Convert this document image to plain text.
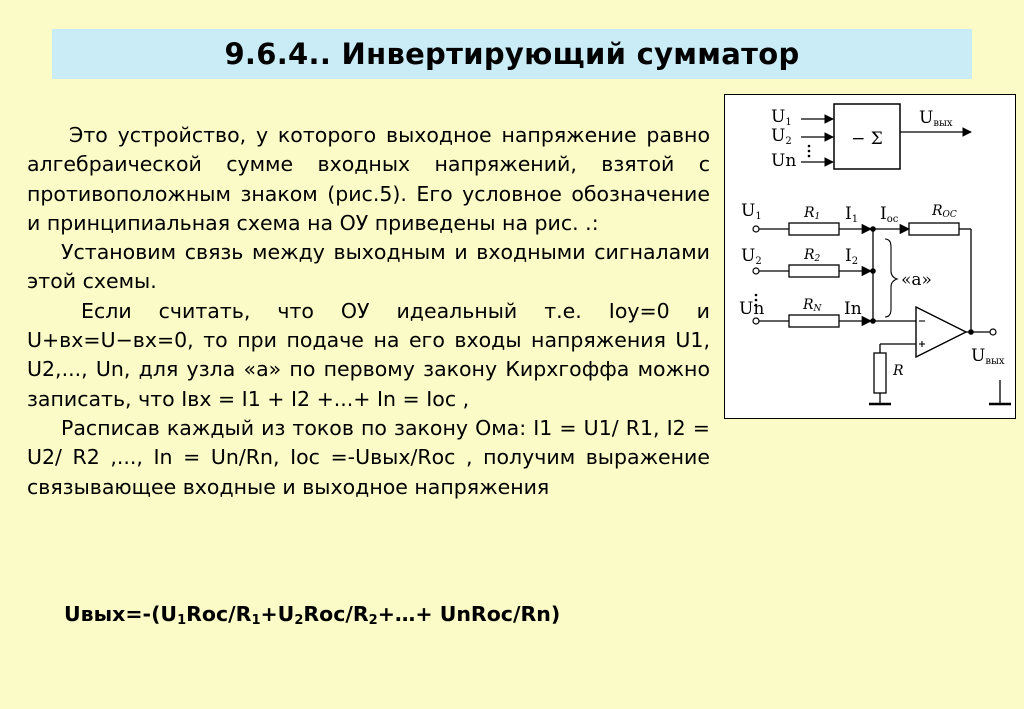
9.6.4.. Инвертирующий сумматор

Это устройство, у которого выходное напряжение равно алгебраической сумме входных напряжений, взятой с противоположным знаком (рис.5). Его условное обозначение и принципиальная схема на ОУ приведены на рис. .:

Установим связь между выходным и входными сигналами этой схемы.

Если считать, что ОУ идеальный т.е. Iоу=0 и U+вх=U−вх=0, то при подаче на его входы напряжения U1, U2,..., Un, для узла «а» по первому закону Кирхгоффа можно записать, что Iвх = I1 + I2 +...+ In = Iос ,

Расписав каждый из токов по закону Ома: I1 = U1/ R1, I2 = U2/ R2 ,..., In = Un/Rn, Iос =-Uвых/Rос , получим выражение связывающее входные и выходное напряжения

$Uвых=-(U_1Roc/R_1+U_2Roc/R_2+\dots+$ UnRoc/Rn)
− Σ
U1
U2
Un
Uвых
U1
U2
Un
R1
R2
RN
ROC
I1
I2
In
Ioc
«а»
R
Uвых
